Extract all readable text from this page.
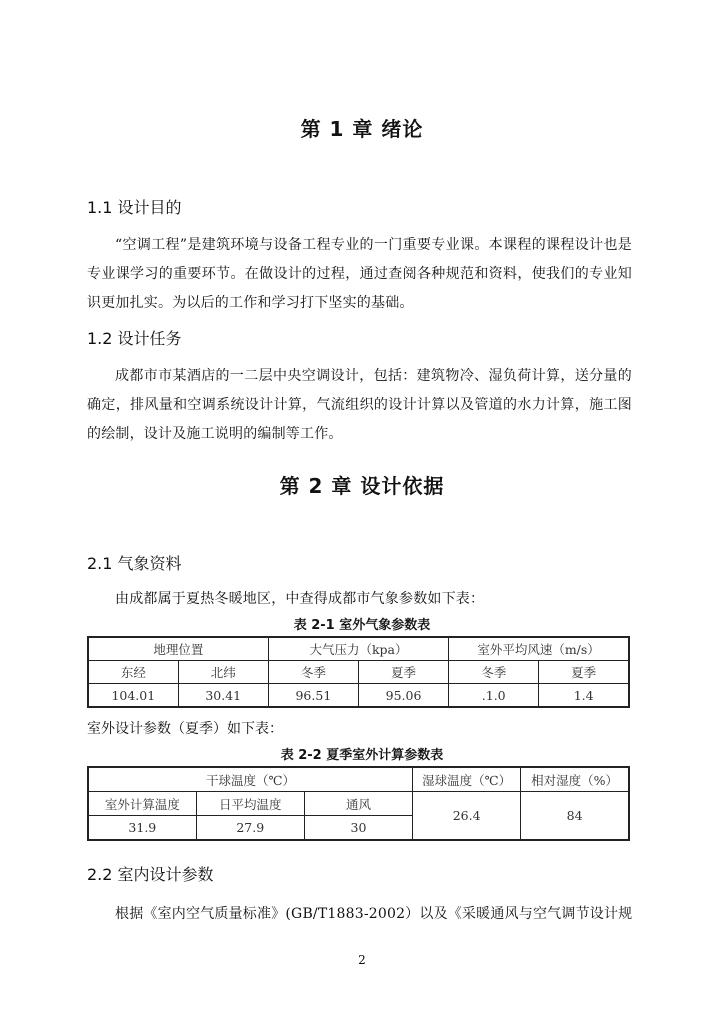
第 1 章 绪论
1.1 设计目的
“空调工程”是建筑环境与设备工程专业的一门重要专业课。本课程的课程设计也是专业课学习的重要环节。在做设计的过程，通过查阅各种规范和资料，使我们的专业知识更加扎实。为以后的工作和学习打下坚实的基础。
1.2 设计任务
成都市市某酒店的一二层中央空调设计，包括：建筑物冷、湿负荷计算，送分量的确定，排风量和空调系统设计计算，气流组织的设计计算以及管道的水力计算，施工图的绘制，设计及施工说明的编制等工作。
第 2 章 设计依据
2.1 气象资料
由成都属于夏热冬暖地区，中查得成都市气象参数如下表：
表 2-1 室外气象参数表
地理位置		大气压力（kpa）		室外平均风速（m/s）	
东经	北纬	冬季	夏季	冬季	夏季
104.01	30.41	96.51	95.06	.1.0	1.4
室外设计参数（夏季）如下表：
表 2-2 夏季室外计算参数表
干球温度（℃）			湿球温度（℃）	相对湿度（%）
室外计算温度	日平均温度	通风	26.4	84
31.9	27.9	30		
2.2 室内设计参数
根据《室内空气质量标准》(GB/T1883-2002）以及《采暖通风与空气调节设计规
2
